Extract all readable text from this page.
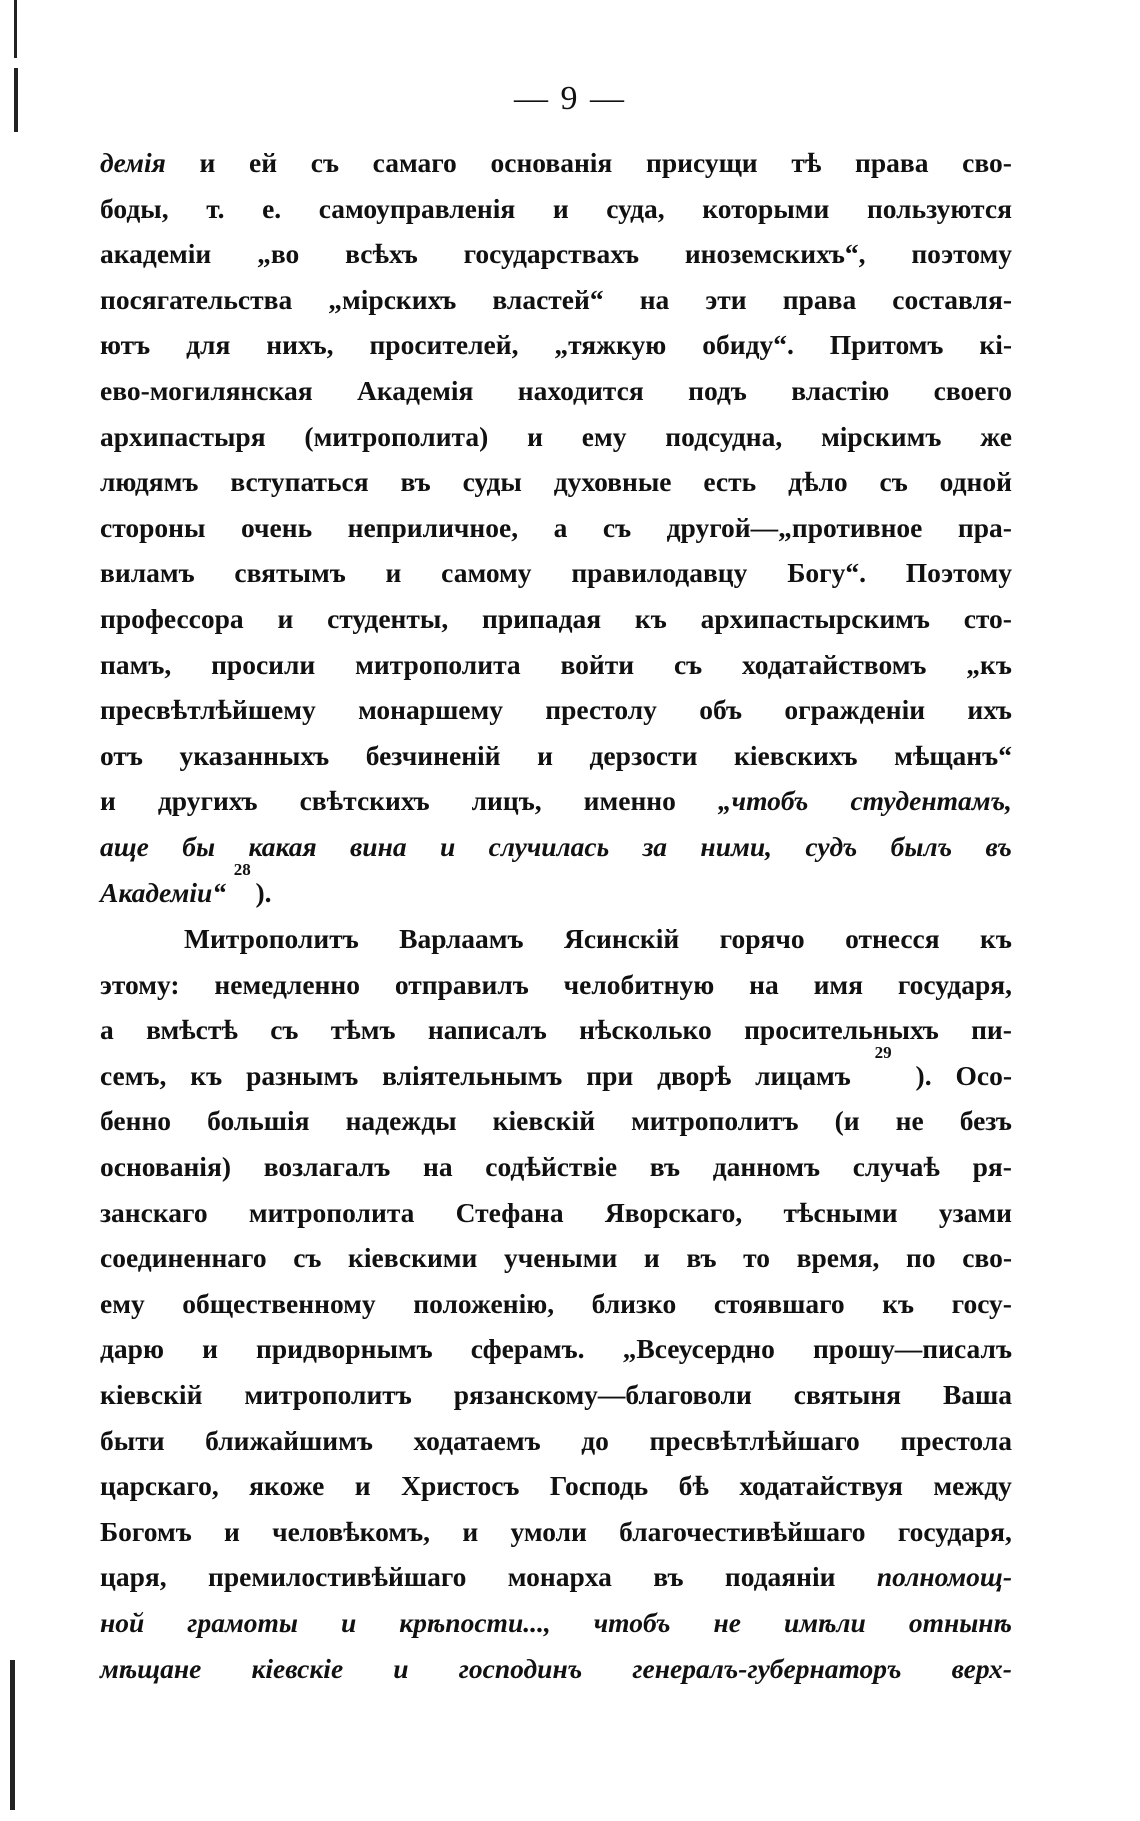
— 9 —
демія и ей съ самаго основанія присущи тѣ права сво-
боды, т. е. самоуправленія и суда, которыми пользуются
академіи „во всѣхъ государствахъ иноземскихъ“, поэтому
посягательства „мірскихъ властей“ на эти права составля-
ютъ для нихъ, просителей, „тяжкую обиду“. Притомъ кі-
ево-могилянская Академія находится подъ властію своего
архипастыря (митрополита) и ему подсудна, мірскимъ же
людямъ вступаться въ суды духовные есть дѣло съ одной
стороны очень неприличное, а съ другой—„противное пра-
виламъ святымъ и самому правилодавцу Богу“. Поэтому
профессора и студенты, припадая къ архипастырскимъ сто-
памъ, просили митрополита войти съ ходатайствомъ „къ
пресвѣтлѣйшему монаршему престолу объ огражденіи ихъ
отъ указанныхъ безчиненій и дерзости кіевскихъ мѣщанъ“
и другихъ свѣтскихъ лицъ, именно „чтобъ студентамъ,
аще бы какая вина и случилась за ними, судъ былъ въ
Академіи“
28
).
Митрополитъ Варлаамъ Ясинскій горячо отнесся къ
этому: немедленно отправилъ челобитную на имя государя,
а вмѣстѣ съ тѣмъ написалъ нѣсколько просительныхъ пи-
семъ, къ разнымъ вліятельнымъ при дворѣ лицамъ
29
). Осо-
бенно большія надежды кіевскій митрополитъ (и не безъ
основанія) возлагалъ на содѣйствіе въ данномъ случаѣ ря-
занскаго митрополита Стефана Яворскаго, тѣсными узами
соединеннаго съ кіевскими учеными и въ то время, по сво-
ему общественному положенію, близко стоявшаго къ госу-
дарю и придворнымъ сферамъ. „Всеусердно прошу—писалъ
кіевскій митрополитъ рязанскому—благоволи святыня Ваша
быти ближайшимъ ходатаемъ до пресвѣтлѣйшаго престола
царскаго, якоже и Христосъ Господь бѣ ходатайствуя между
Богомъ и человѣкомъ, и умоли благочестивѣйшаго государя,
царя, премилостивѣйшаго монарха въ подаяніи полномощ-
ной грамоты и крѣпости..., чтобъ не имѣли отнынѣ
мѣщане кіевскіе и господинъ генералъ-губернаторъ верх-
